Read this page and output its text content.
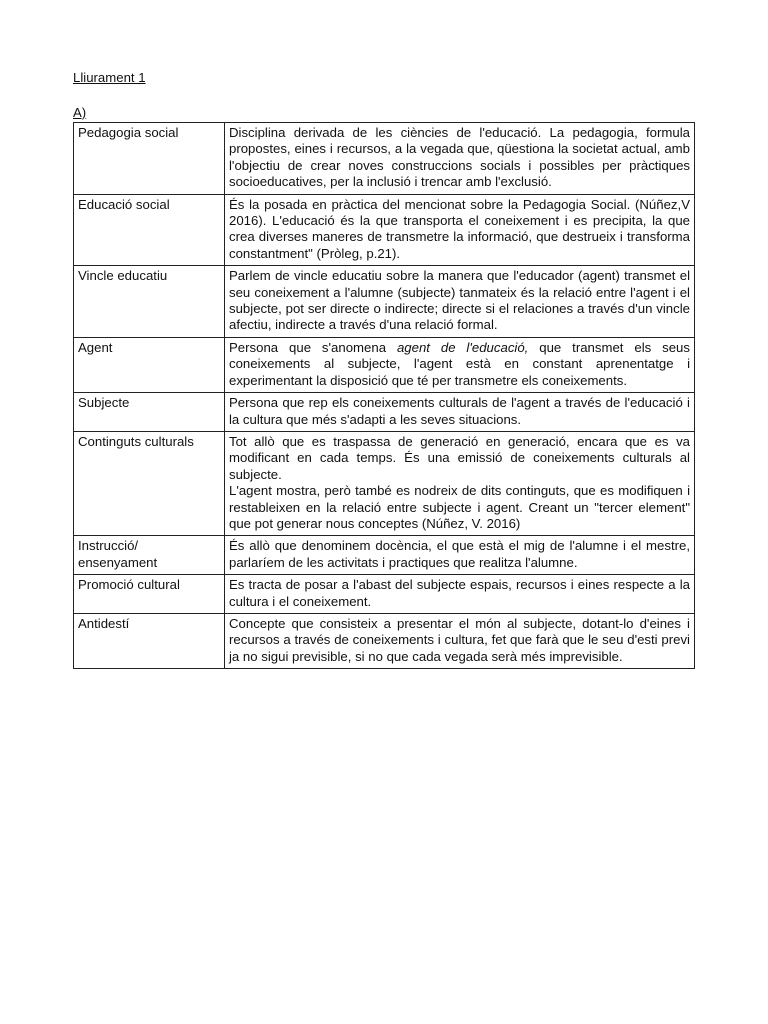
Lliurament 1

A)

Pedagogia social	Disciplina derivada de les ciències de l'educació. La pedagogia, formula propostes, eines i recursos, a la vegada que, qüestiona la societat actual, amb l'objectiu de crear noves construccions socials i possibles per pràctiques socioeducatives, per la inclusió i trencar amb l'exclusió.

Educació social	És la posada en pràctica del mencionat sobre la Pedagogia Social. (Núñez,V 2016). L'educació és la que transporta el coneixement i es precipita, la que crea diverses maneres de transmetre la informació, que destrueix i transforma constantment" (Pròleg, p.21).

Vincle educatiu	Parlem de vincle educatiu sobre la manera que l'educador (agent) transmet el seu coneixement a l'alumne (subjecte) tanmateix és la relació entre l'agent i el subjecte, pot ser directe o indirecte; directe si el relaciones a través d'un vincle afectiu, indirecte a través d'una relació formal.

Agent	Persona que s'anomena agent de l'educació, que transmet els seus coneixements al subjecte, l'agent està en constant aprenentatge i experimentant la disposició que té per transmetre els coneixements.
Subjecte	Persona que rep els coneixements culturals de l'agent a través de l'educació i la cultura que més s'adapti a les seves situacions.

Continguts culturals	Tot allò que es traspassa de generació en generació, encara que es va modificant en cada temps. És una emissió de coneixements culturals al subjecte.
L'agent mostra, però també es nodreix de dits continguts, que es modifiquen i restableixen en la relació entre subjecte i agent. Creant un "tercer element" que pot generar nous conceptes (Núñez, V. 2016)

Instrucció/ ensenyament	És allò que denominem docència, el que està el mig de l'alumne i el mestre, parlaríem de les activitats i practiques que realitza l'alumne.

Promoció cultural	Es tracta de posar a l'abast del subjecte espais, recursos i eines respecte a la cultura i el coneixement.

Antidestí	Concepte que consisteix a presentar el món al subjecte, dotant-lo d'eines i recursos a través de coneixements i cultura, fet que farà que le seu d'esti previ ja no sigui previsible, si no que cada vegada serà més imprevisible.
